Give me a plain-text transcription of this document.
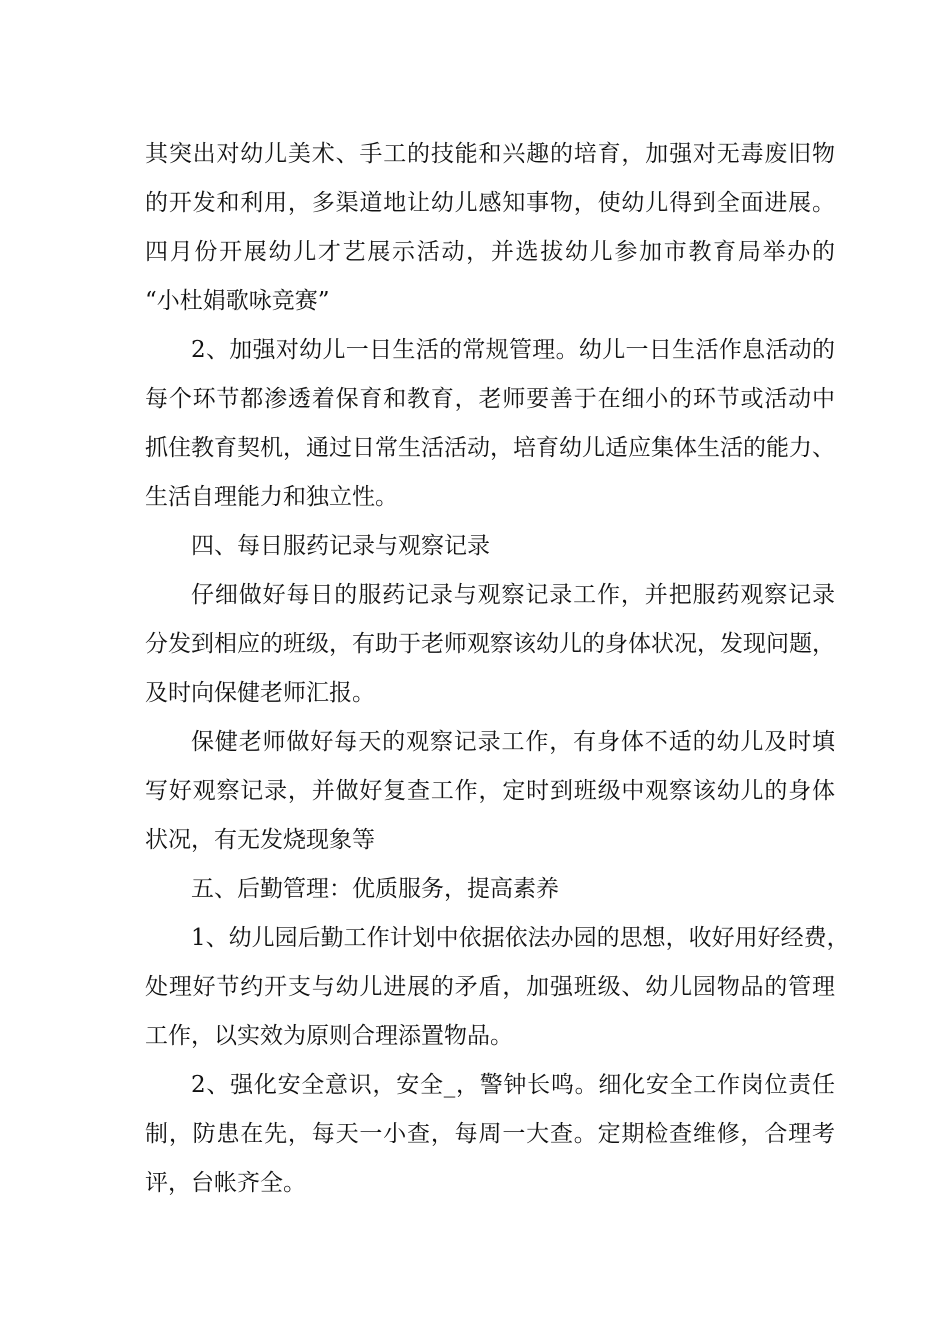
其突出对幼儿美术、手工的技能和兴趣的培育，加强对无毒废旧物
的开发和利用，多渠道地让幼儿感知事物，使幼儿得到全面进展。
四月份开展幼儿才艺展示活动，并选拔幼儿参加市教育局举办的
“小杜娟歌咏竞赛”
2、加强对幼儿一日生活的常规管理。幼儿一日生活作息活动的
每个环节都渗透着保育和教育，老师要善于在细小的环节或活动中
抓住教育契机，通过日常生活活动，培育幼儿适应集体生活的能力、
生活自理能力和独立性。
四、每日服药记录与观察记录
仔细做好每日的服药记录与观察记录工作，并把服药观察记录
分发到相应的班级，有助于老师观察该幼儿的身体状况，发现问题，
及时向保健老师汇报。
保健老师做好每天的观察记录工作，有身体不适的幼儿及时填
写好观察记录，并做好复查工作，定时到班级中观察该幼儿的身体
状况，有无发烧现象等
五、后勤管理：优质服务，提高素养
1、幼儿园后勤工作计划中依据依法办园的思想，收好用好经费，
处理好节约开支与幼儿进展的矛盾，加强班级、幼儿园物品的管理
工作，以实效为原则合理添置物品。
2、强化安全意识，安全_，警钟长鸣。细化安全工作岗位责任
制，防患在先，每天一小查，每周一大查。定期检查维修，合理考
评，台帐齐全。
